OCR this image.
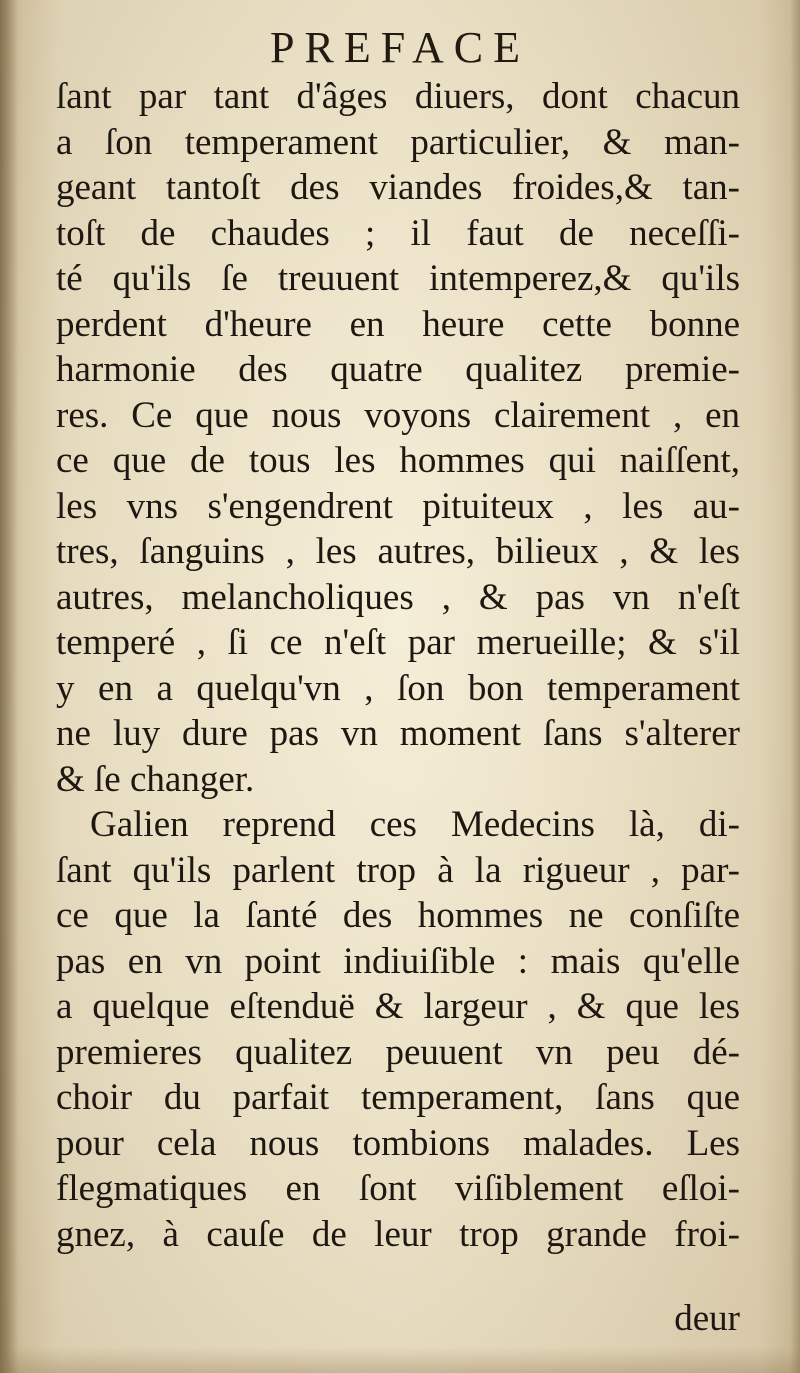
PREFACE
ſant par tant d'âges diuers, dont chacun
a ſon temperament particulier, & man-
geant tantoſt des viandes froides,& tan-
toſt de chaudes ; il faut de neceſſi-
té qu'ils ſe treuuent intemperez,& qu'ils
perdent d'heure en heure cette bonne
harmonie des quatre qualitez premie-
res. Ce que nous voyons clairement , en
ce que de tous les hommes qui naiſſent,
les vns s'engendrent pituiteux , les au-
tres, ſanguins , les autres, bilieux , & les
autres, melancholiques , & pas vn n'eſt
temperé , ſi ce n'eſt par merueille; & s'il
y en a quelqu'vn , ſon bon temperament
ne luy dure pas vn moment ſans s'alterer
& ſe changer.
Galien reprend ces Medecins là, di-
ſant qu'ils parlent trop à la rigueur , par-
ce que la ſanté des hommes ne conſiſte
pas en vn point indiuiſible : mais qu'elle
a quelque eſtenduë & largeur , & que les
premieres qualitez peuuent vn peu dé-
choir du parfait temperament, ſans que
pour cela nous tombions malades. Les
flegmatiques en ſont viſiblement eſloi-
gnez, à cauſe de leur trop grande froi-
deur
